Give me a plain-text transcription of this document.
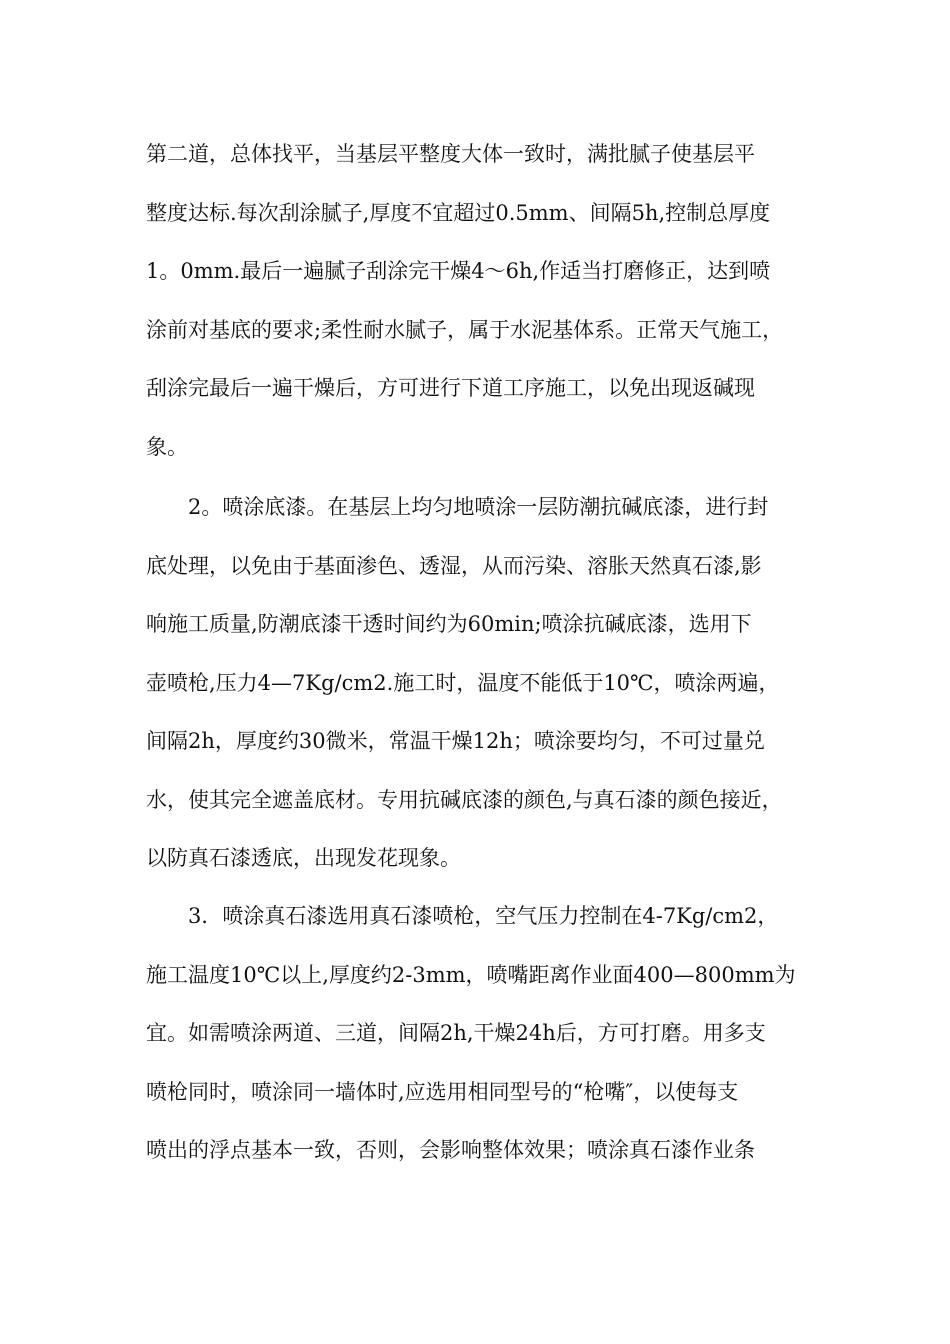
第二道，总体找平，当基层平整度大体一致时，满批腻子使基层平
整度达标.每次刮涂腻子,厚度不宜超过0.5mm、间隔5h,控制总厚度
1。0mm.最后一遍腻子刮涂完干燥4～6h,作适当打磨修正，达到喷
涂前对基底的要求;柔性耐水腻子，属于水泥基体系。正常天气施工，
刮涂完最后一遍干燥后，方可进行下道工序施工，以免出现返碱现
象。

2。喷涂底漆。在基层上均匀地喷涂一层防潮抗碱底漆，进行封
底处理，以免由于基面渗色、透湿，从而污染、溶胀天然真石漆,影
响施工质量,防潮底漆干透时间约为60min;喷涂抗碱底漆，选用下
壶喷枪,压力4—7Kg/cm2.施工时，温度不能低于10℃，喷涂两遍，
间隔2h，厚度约30微米，常温干燥12h；喷涂要均匀，不可过量兑
水，使其完全遮盖底材。专用抗碱底漆的颜色,与真石漆的颜色接近，
以防真石漆透底，出现发花现象。

3．喷涂真石漆选用真石漆喷枪，空气压力控制在4-7Kg/cm2，
施工温度10℃以上,厚度约2-3mm，喷嘴距离作业面400—800mm为
宜。如需喷涂两道、三道，间隔2h,干燥24h后，方可打磨。用多支
喷枪同时，喷涂同一墙体时,应选用相同型号的“枪嘴″，以使每支
喷出的浮点基本一致，否则，会影响整体效果；喷涂真石漆作业条
